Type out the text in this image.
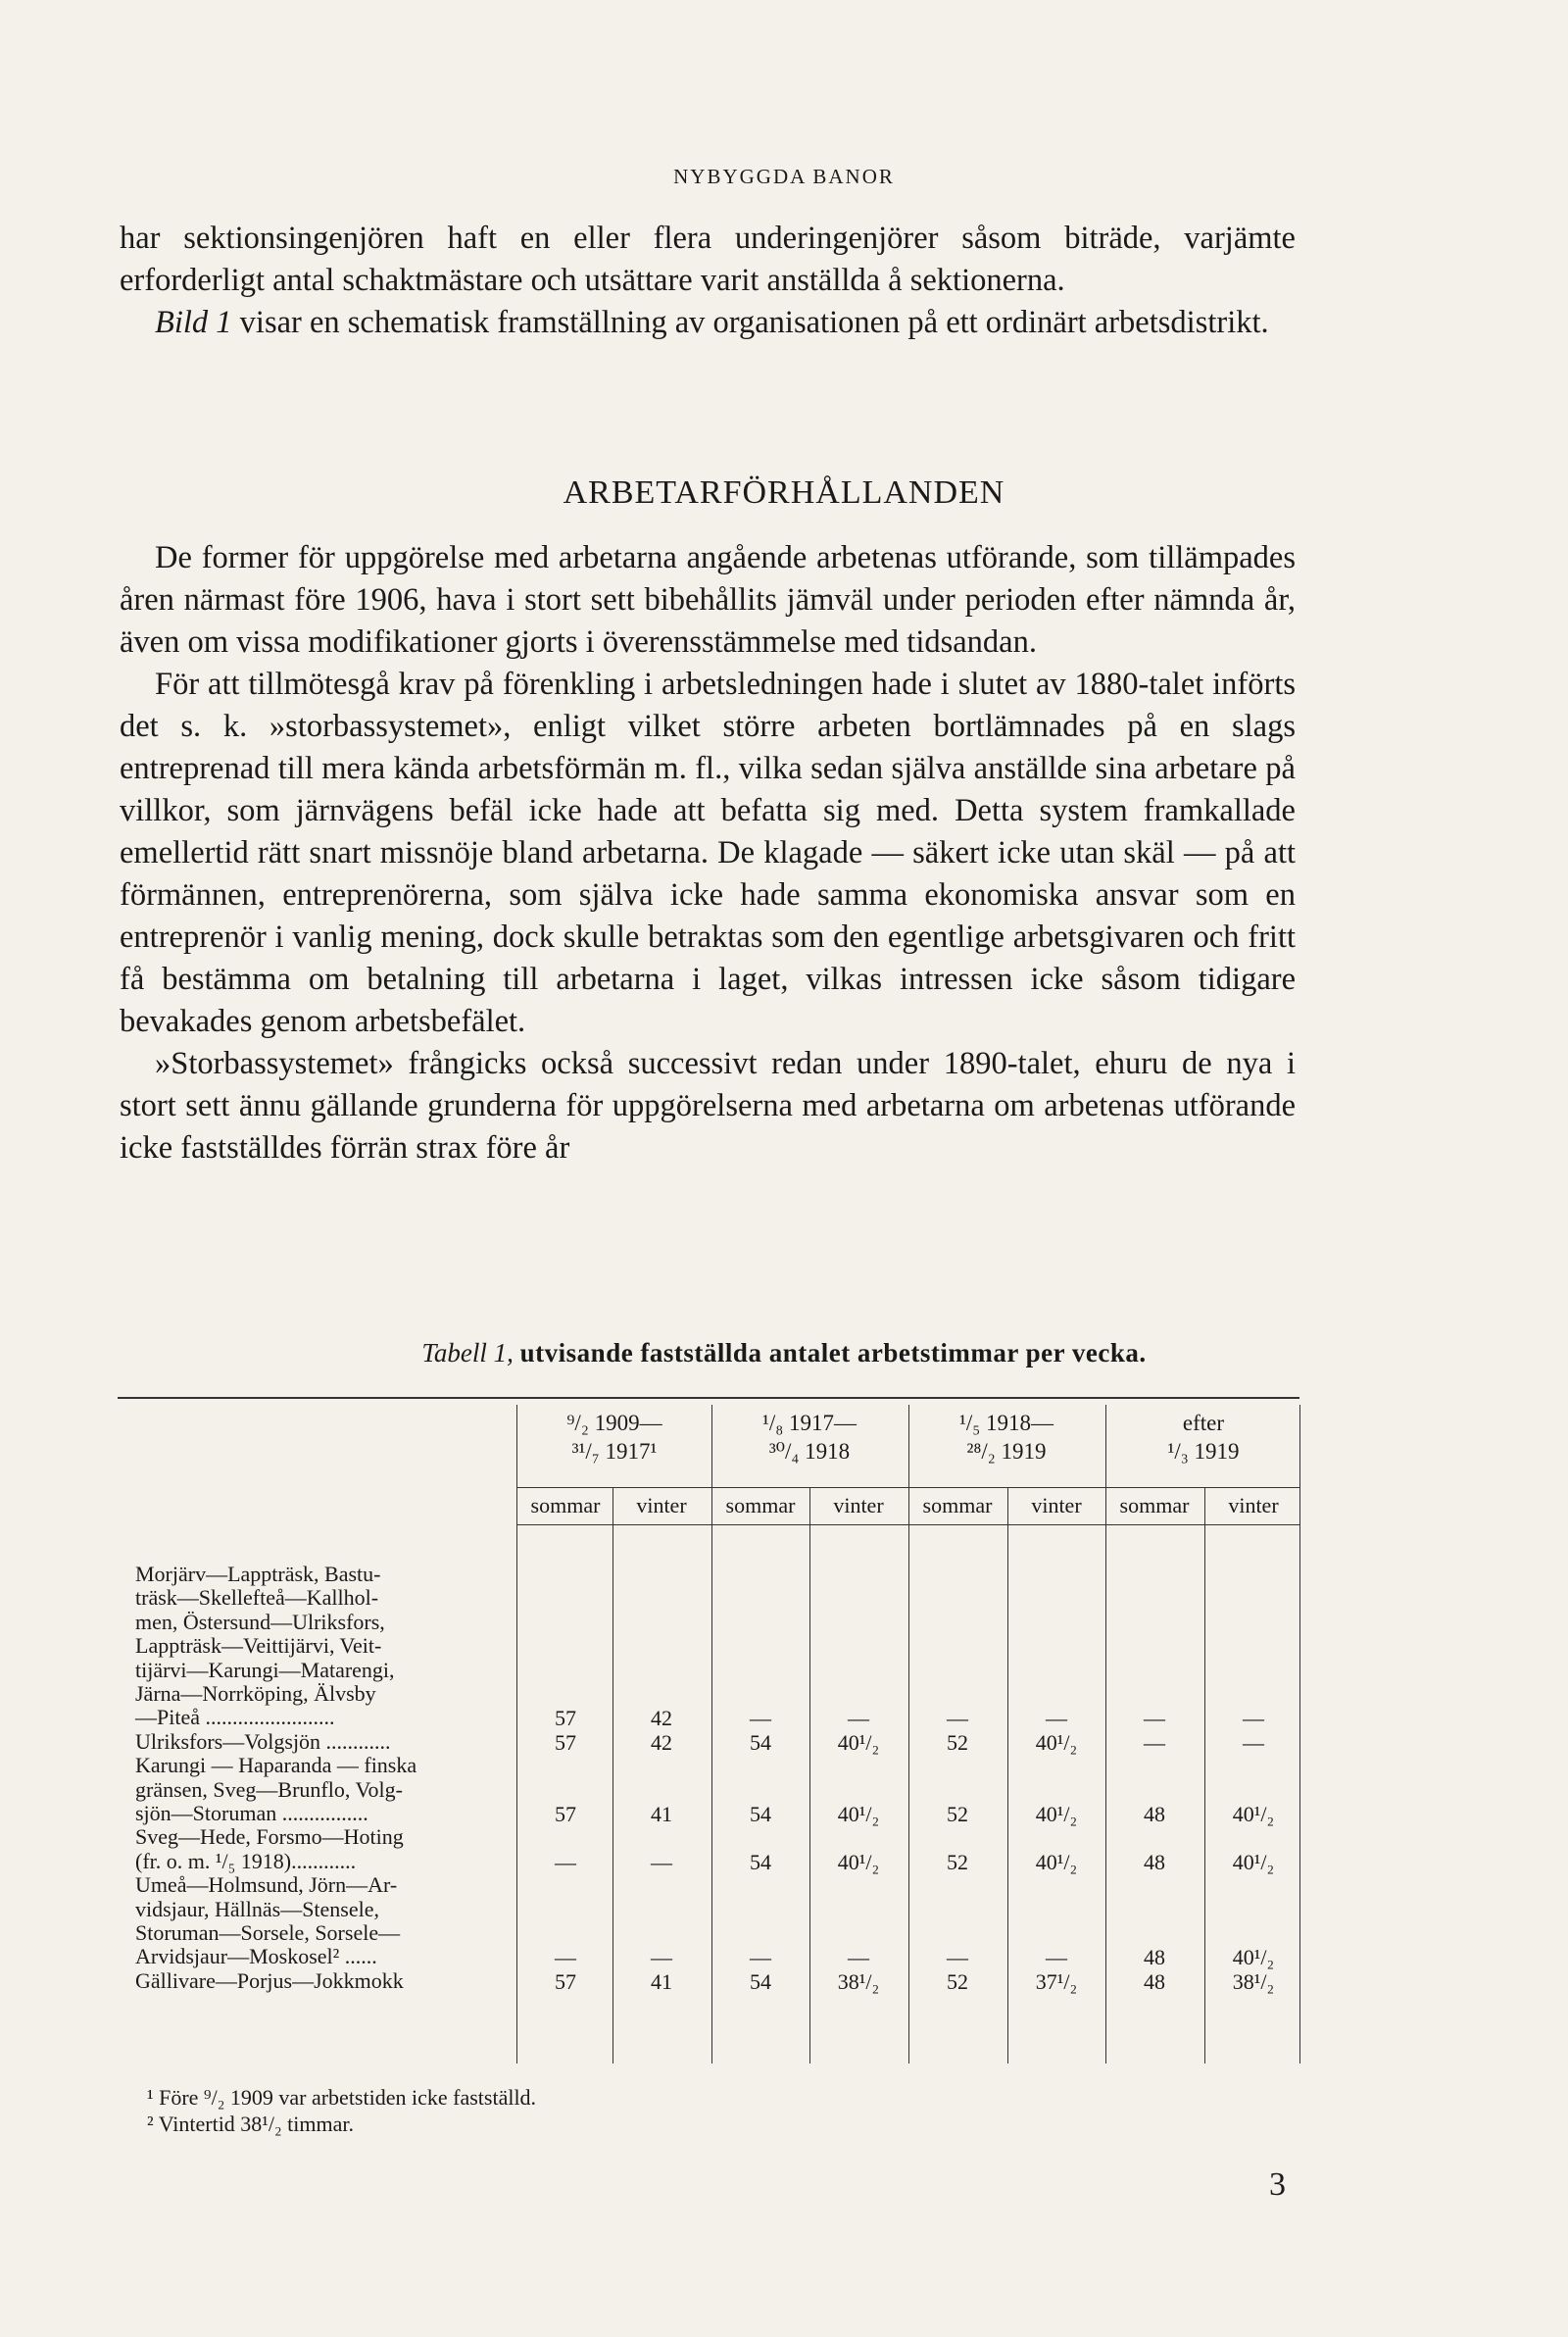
NYBYGGDA BANOR

har sektionsingenjören haft en eller flera underingenjörer såsom biträde, varjämte erforderligt antal schaktmästare och utsättare varit anställda å sektionerna.

Bild 1 visar en schematisk framställning av organisationen på ett ordinärt arbetsdistrikt.

ARBETARFÖRHÅLLANDEN

De former för uppgörelse med arbetarna angående arbetenas utförande, som tillämpades åren närmast före 1906, hava i stort sett bibehållits jämväl under perioden efter nämnda år, även om vissa modifikationer gjorts i överensstämmelse med tidsandan.

För att tillmötesgå krav på förenkling i arbetsledningen hade i slutet av 1880-talet införts det s. k. »storbassystemet», enligt vilket större arbeten bortlämnades på en slags entreprenad till mera kända arbetsförmän m. fl., vilka sedan själva anställde sina arbetare på villkor, som järnvägens befäl icke hade att befatta sig med. Detta system framkallade emellertid rätt snart missnöje bland arbetarna. De klagade — säkert icke utan skäl — på att förmännen, entreprenörerna, som själva icke hade samma ekonomiska ansvar som en entreprenör i vanlig mening, dock skulle betraktas som den egentlige arbetsgivaren och fritt få bestämma om betalning till arbetarna i laget, vilkas intressen icke såsom tidigare bevakades genom arbetsbefälet.

»Storbassystemet» frångicks också successivt redan under 1890-talet, ehuru de nya i stort sett ännu gällande grunderna för uppgörelserna med arbetarna om arbetenas utförande icke fastställdes förrän strax före år

Tabell 1, utvisande fastställda antalet arbetstimmar per vecka.
⁹/₂ 1909—
³¹/₇ 1917¹
¹/₈ 1917—
³⁰/₄ 1918
¹/₅ 1918—
²⁸/₂ 1919
efter
¹/₃ 1919
sommar	vinter	sommar	vinter	sommar	vinter	sommar	vinter
Morjärv—Lappträsk, Bastu-
träsk—Skellefteå—Kallhol-
men, Östersund—Ulriksfors,
Lappträsk—Veittijärvi, Veit-
tijärvi—Karungi—Matarengi,
Järna—Norrköping, Älvsby
—Piteå ........................	57	42	—	—	—	—	—	—
Ulriksfors—Volgsjön ............	57	42	54	40¹/₂	52	40¹/₂	—	—
Karungi — Haparanda — finska
gränsen, Sveg—Brunflo, Volg-
sjön—Storuman ................	57	41	54	40¹/₂	52	40¹/₂	48	40¹/₂
Sveg—Hede, Forsmo—Hoting
(fr. o. m. ¹/₅ 1918)............	—	—	54	40¹/₂	52	40¹/₂	48	40¹/₂
Umeå—Holmsund, Jörn—Ar-
vidsjaur, Hällnäs—Stensele,
Storuman—Sorsele, Sorsele—
Arvidsjaur—Moskosel² ......	—	—	—	—	—	—	48	40¹/₂
Gällivare—Porjus—Jokkmokk	57	41	54	38¹/₂	52	37¹/₂	48	38¹/₂
¹ Före ⁹/₂ 1909 var arbetstiden icke fastställd.
² Vintertid 38¹/₂ timmar.
3
